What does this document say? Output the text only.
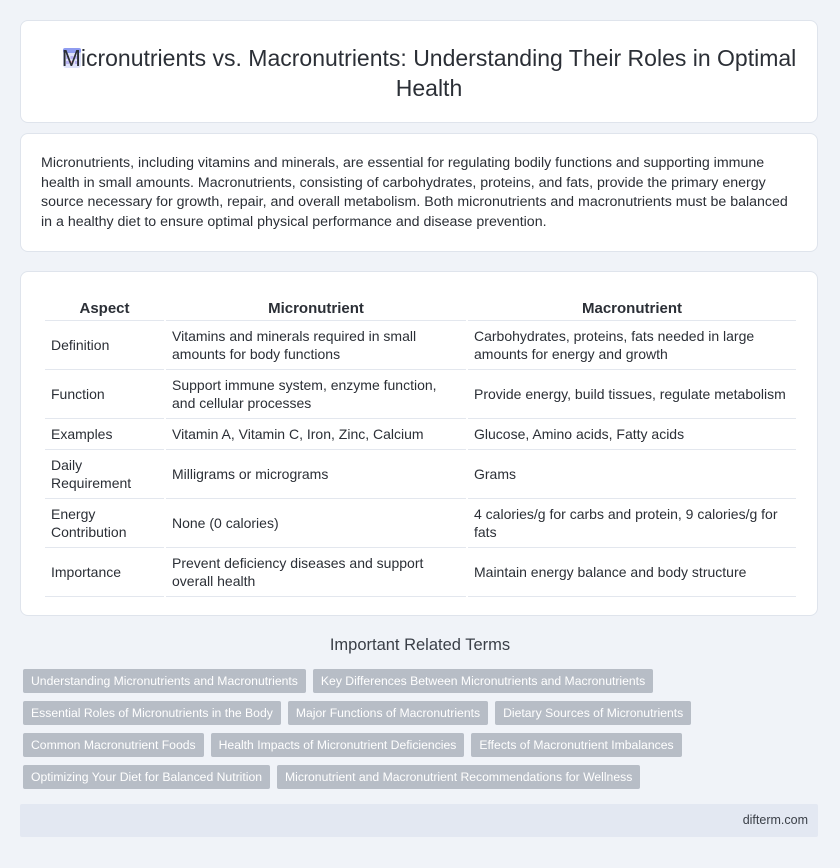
Micronutrients vs. Macronutrients: Understanding Their Roles in Optimal Health

Micronutrients, including vitamins and minerals, are essential for regulating bodily functions and supporting immune health in small amounts. Macronutrients, consisting of carbohydrates, proteins, and fats, provide the primary energy source necessary for growth, repair, and overall metabolism. Both micronutrients and macronutrients must be balanced in a healthy diet to ensure optimal physical performance and disease prevention.

Aspect	Micronutrient	Macronutrient
Definition	Vitamins and minerals required in small amounts for body functions	Carbohydrates, proteins, fats needed in large amounts for energy and growth
Function	Support immune system, enzyme function, and cellular processes	Provide energy, build tissues, regulate metabolism
Examples	Vitamin A, Vitamin C, Iron, Zinc, Calcium	Glucose, Amino acids, Fatty acids
Daily Requirement	Milligrams or micrograms	Grams
Energy Contribution	None (0 calories)	4 calories/g for carbs and protein, 9 calories/g for fats
Importance	Prevent deficiency diseases and support overall health	Maintain energy balance and body structure
Important Related Terms
Understanding Micronutrients and Macronutrients	Key Differences Between Micronutrients and Macronutrients
Essential Roles of Micronutrients in the Body	Major Functions of Macronutrients	Dietary Sources of Micronutrients
Common Macronutrient Foods	Health Impacts of Micronutrient Deficiencies	Effects of Macronutrient Imbalances
Optimizing Your Diet for Balanced Nutrition	Micronutrient and Macronutrient Recommendations for Wellness
difterm.com
